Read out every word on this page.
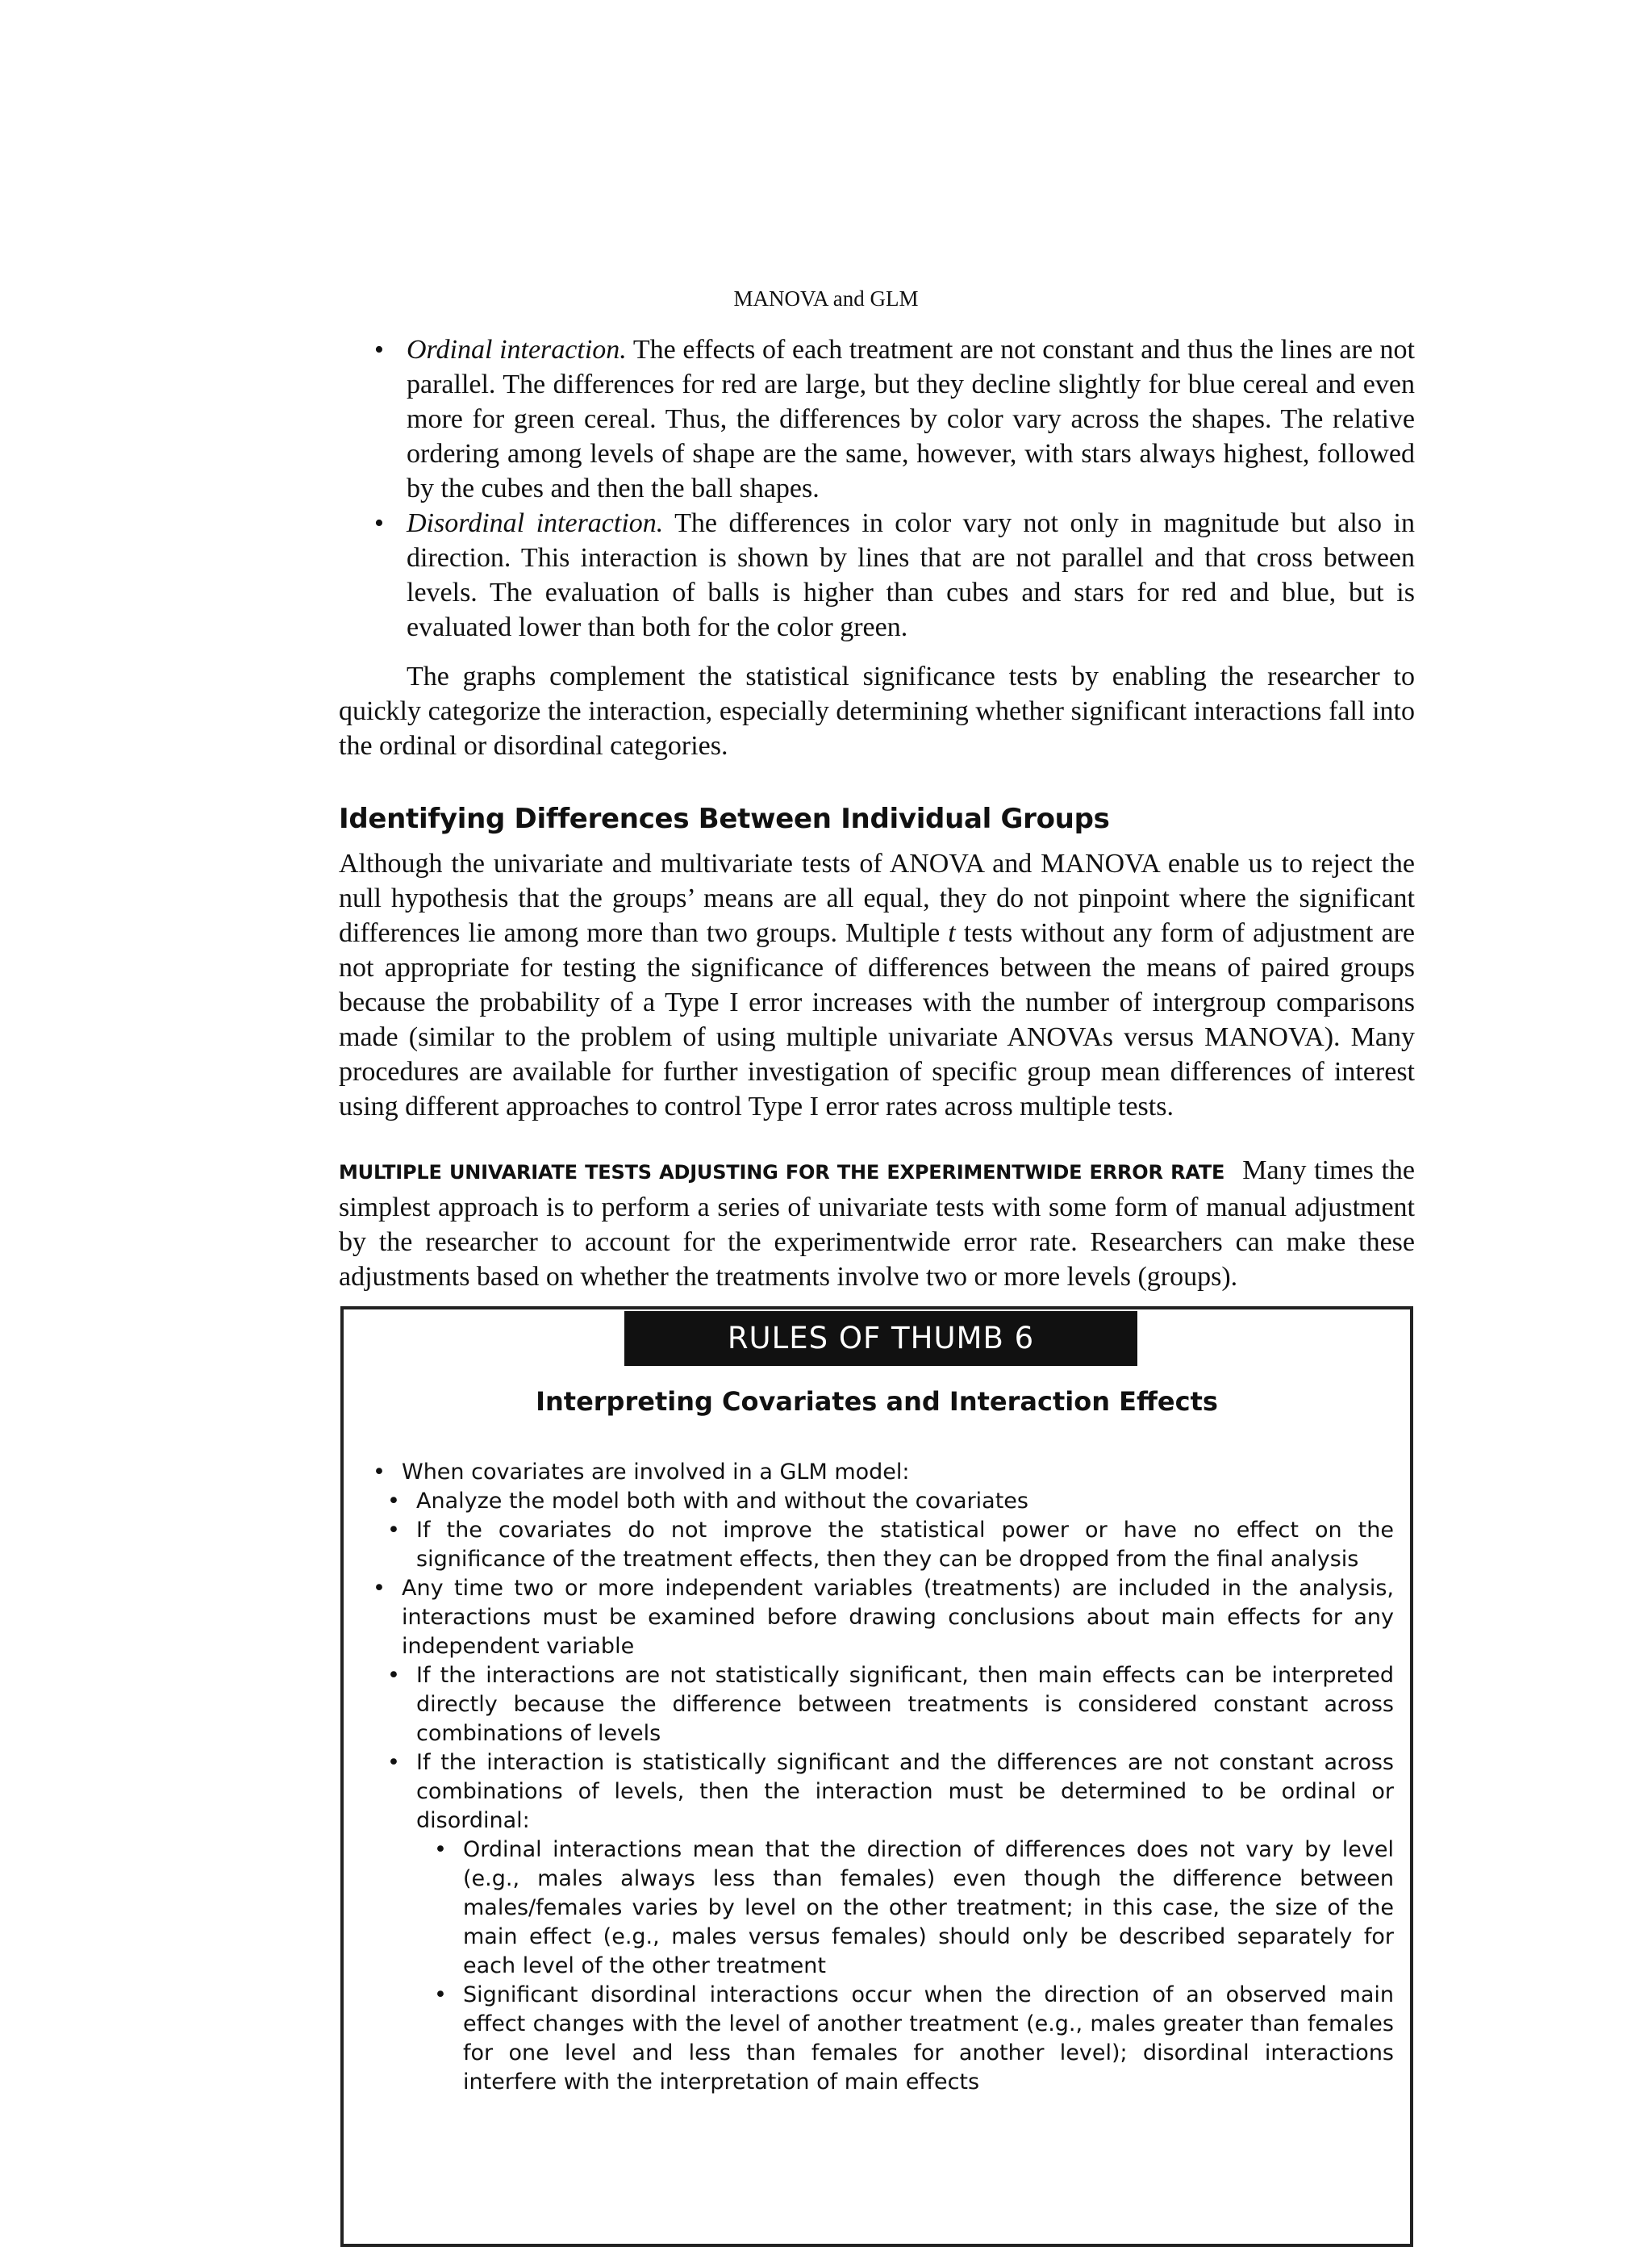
MANOVA and GLM
• Ordinal interaction. The effects of each treatment are not constant and thus the lines are not parallel. The differences for red are large, but they decline slightly for blue cereal and even more for green cereal. Thus, the differences by color vary across the shapes. The relative ordering among levels of shape are the same, however, with stars always highest, followed by the cubes and then the ball shapes.
• Disordinal interaction. The differences in color vary not only in magnitude but also in direction. This interaction is shown by lines that are not parallel and that cross between levels. The evaluation of balls is higher than cubes and stars for red and blue, but is evaluated lower than both for the color green.

The graphs complement the statistical significance tests by enabling the researcher to quickly categorize the interaction, especially determining whether significant interactions fall into the ordinal or disordinal categories.

Identifying Differences Between Individual Groups

Although the univariate and multivariate tests of ANOVA and MANOVA enable us to reject the null hypothesis that the groups’ means are all equal, they do not pinpoint where the significant differences lie among more than two groups. Multiple t tests without any form of adjustment are not appropriate for testing the significance of differences between the means of paired groups because the probability of a Type I error increases with the number of intergroup comparisons made (similar to the problem of using multiple univariate ANOVAs versus MANOVA). Many procedures are available for further investigation of specific group mean differences of interest using different approaches to control Type I error rates across multiple tests.

MULTIPLE UNIVARIATE TESTS ADJUSTING FOR THE EXPERIMENTWIDE ERROR RATE Many times the simplest approach is to perform a series of univariate tests with some form of manual adjustment by the researcher to account for the experimentwide error rate. Researchers can make these adjustments based on whether the treatments involve two or more levels (groups).

RULES OF THUMB 6
Interpreting Covariates and Interaction Effects
• When covariates are involved in a GLM model:
• Analyze the model both with and without the covariates
• If the covariates do not improve the statistical power or have no effect on the significance of the treatment effects, then they can be dropped from the final analysis
• Any time two or more independent variables (treatments) are included in the analysis, interactions must be examined before drawing conclusions about main effects for any independent variable
• If the interactions are not statistically significant, then main effects can be interpreted directly because the difference between treatments is considered constant across combinations of levels
• If the interaction is statistically significant and the differences are not constant across combinations of levels, then the interaction must be determined to be ordinal or disordinal:
• Ordinal interactions mean that the direction of differences does not vary by level (e.g., males always less than females) even though the difference between males/females varies by level on the other treatment; in this case, the size of the main effect (e.g., males versus females) should only be described separately for each level of the other treatment
• Significant disordinal interactions occur when the direction of an observed main effect changes with the level of another treatment (e.g., males greater than females for one level and less than females for another level); disordinal interactions interfere with the interpretation of main effects
